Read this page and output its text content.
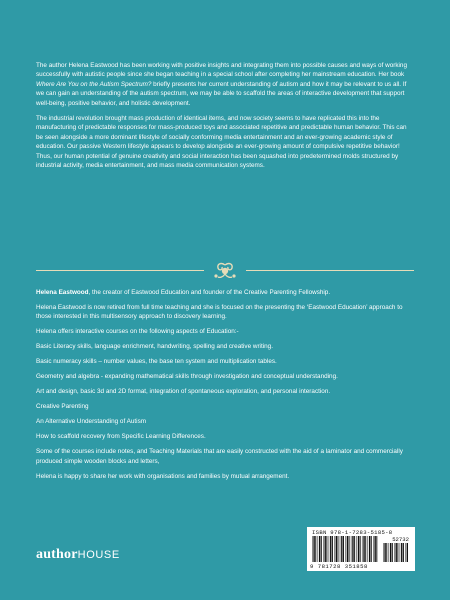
The author Helena Eastwood has been working with positive insights and integrating them into possible causes and ways of working successfully with autistic people since she began teaching in a special school after completing her mainstream education. Her book Where Are You on the Autism Spectrum? briefly presents her current understanding of autism and how it may be relevant to us all. If we can gain an understanding of the autism spectrum, we may be able to scaffold the areas of interactive development that support well-being, positive behavior, and holistic development.

The industrial revolution brought mass production of identical items, and now society seems to have replicated this into the manufacturing of predictable responses for mass-produced toys and associated repetitive and predictable human behavior. This can be seen alongside a more dominant lifestyle of socially conforming media entertainment and an ever-growing academic style of education. Our passive Western lifestyle appears to develop alongside an ever-growing amount of compulsive repetitive behavior! Thus, our human potential of genuine creativity and social interaction has been squashed into predetermined molds structured by industrial activity, media entertainment, and mass media communication systems.

Helena Eastwood, the creator of Eastwood Education and founder of the Creative Parenting Fellowship.

Helena Eastwood is now retired from full time teaching and she is focused on the presenting the ‘Eastwood Education’ approach to those interested in this multisensory approach to discovery learning.

Helena offers interactive courses on the following aspects of Education:-

Basic Literacy skills, language enrichment, handwriting, spelling and creative writing.

Basic numeracy skills – number values, the base ten system and multiplication tables.

Geometry and algebra - expanding mathematical skills through investigation and conceptual understanding.

Art and design, basic 3d and 2D format, integration of spontaneous exploration, and personal interaction.

Creative Parenting

An Alternative Understanding of Autism

How to scaffold recovery from Specific Learning Differences.

Some of the courses include notes, and Teaching Materials that are easily constructed with the aid of a laminator and commercially produced simple wooden blocks and letters,

Helena is happy to share her work with organisations and families by mutual arrangement.

authorHOUSE
ISBN 978-1-7283-5185-8
52732
9 781728 351858
